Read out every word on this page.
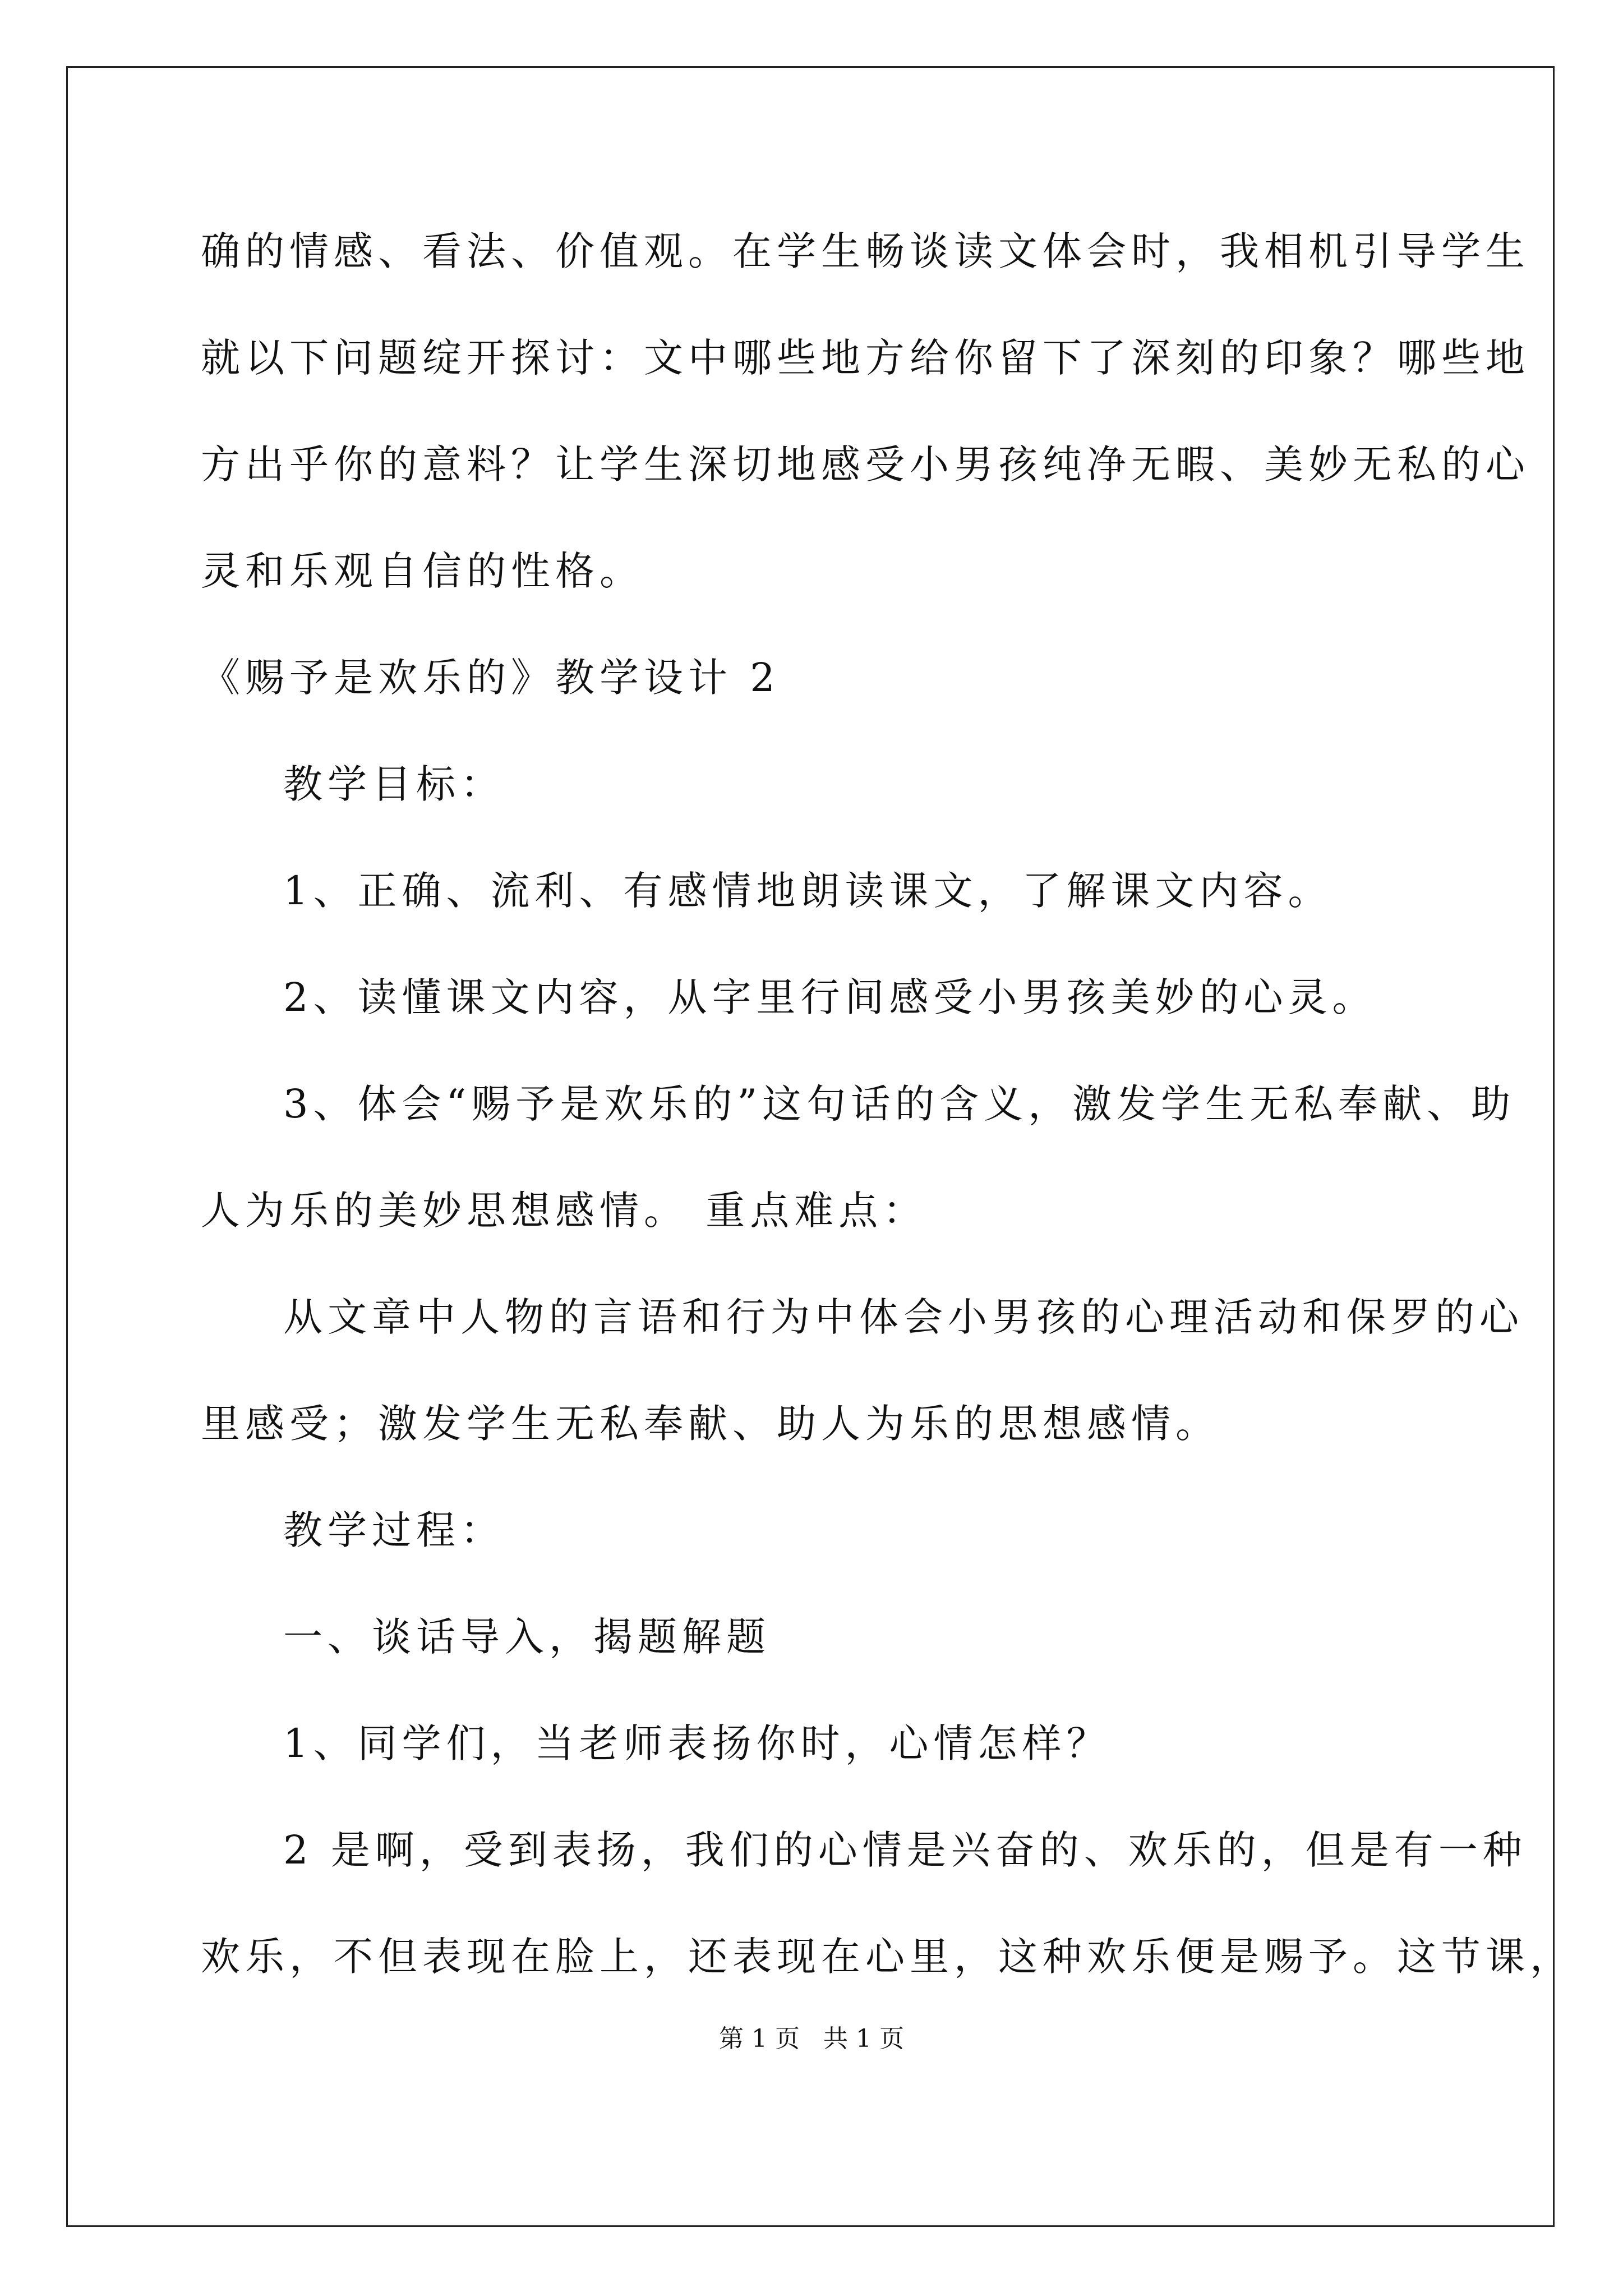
确的情感、看法、价值观。在学生畅谈读文体会时，我相机引导学生
就以下问题绽开探讨：文中哪些地方给你留下了深刻的印象？哪些地
方出乎你的意料？让学生深切地感受小男孩纯净无暇、美妙无私的心
灵和乐观自信的性格。
《赐予是欢乐的》教学设计 2
教学目标：
1、正确、流利、有感情地朗读课文，了解课文内容。
2、读懂课文内容，从字里行间感受小男孩美妙的心灵。
3、体会“赐予是欢乐的”这句话的含义，激发学生无私奉献、助
人为乐的美妙思想感情。 重点难点：
从文章中人物的言语和行为中体会小男孩的心理活动和保罗的心
里感受；激发学生无私奉献、助人为乐的思想感情。
教学过程：
一、谈话导入，揭题解题
1、同学们，当老师表扬你时，心情怎样？
2 是啊，受到表扬，我们的心情是兴奋的、欢乐的，但是有一种
欢乐，不但表现在脸上，还表现在心里，这种欢乐便是赐予。这节课，
第 1 页   共 1 页
